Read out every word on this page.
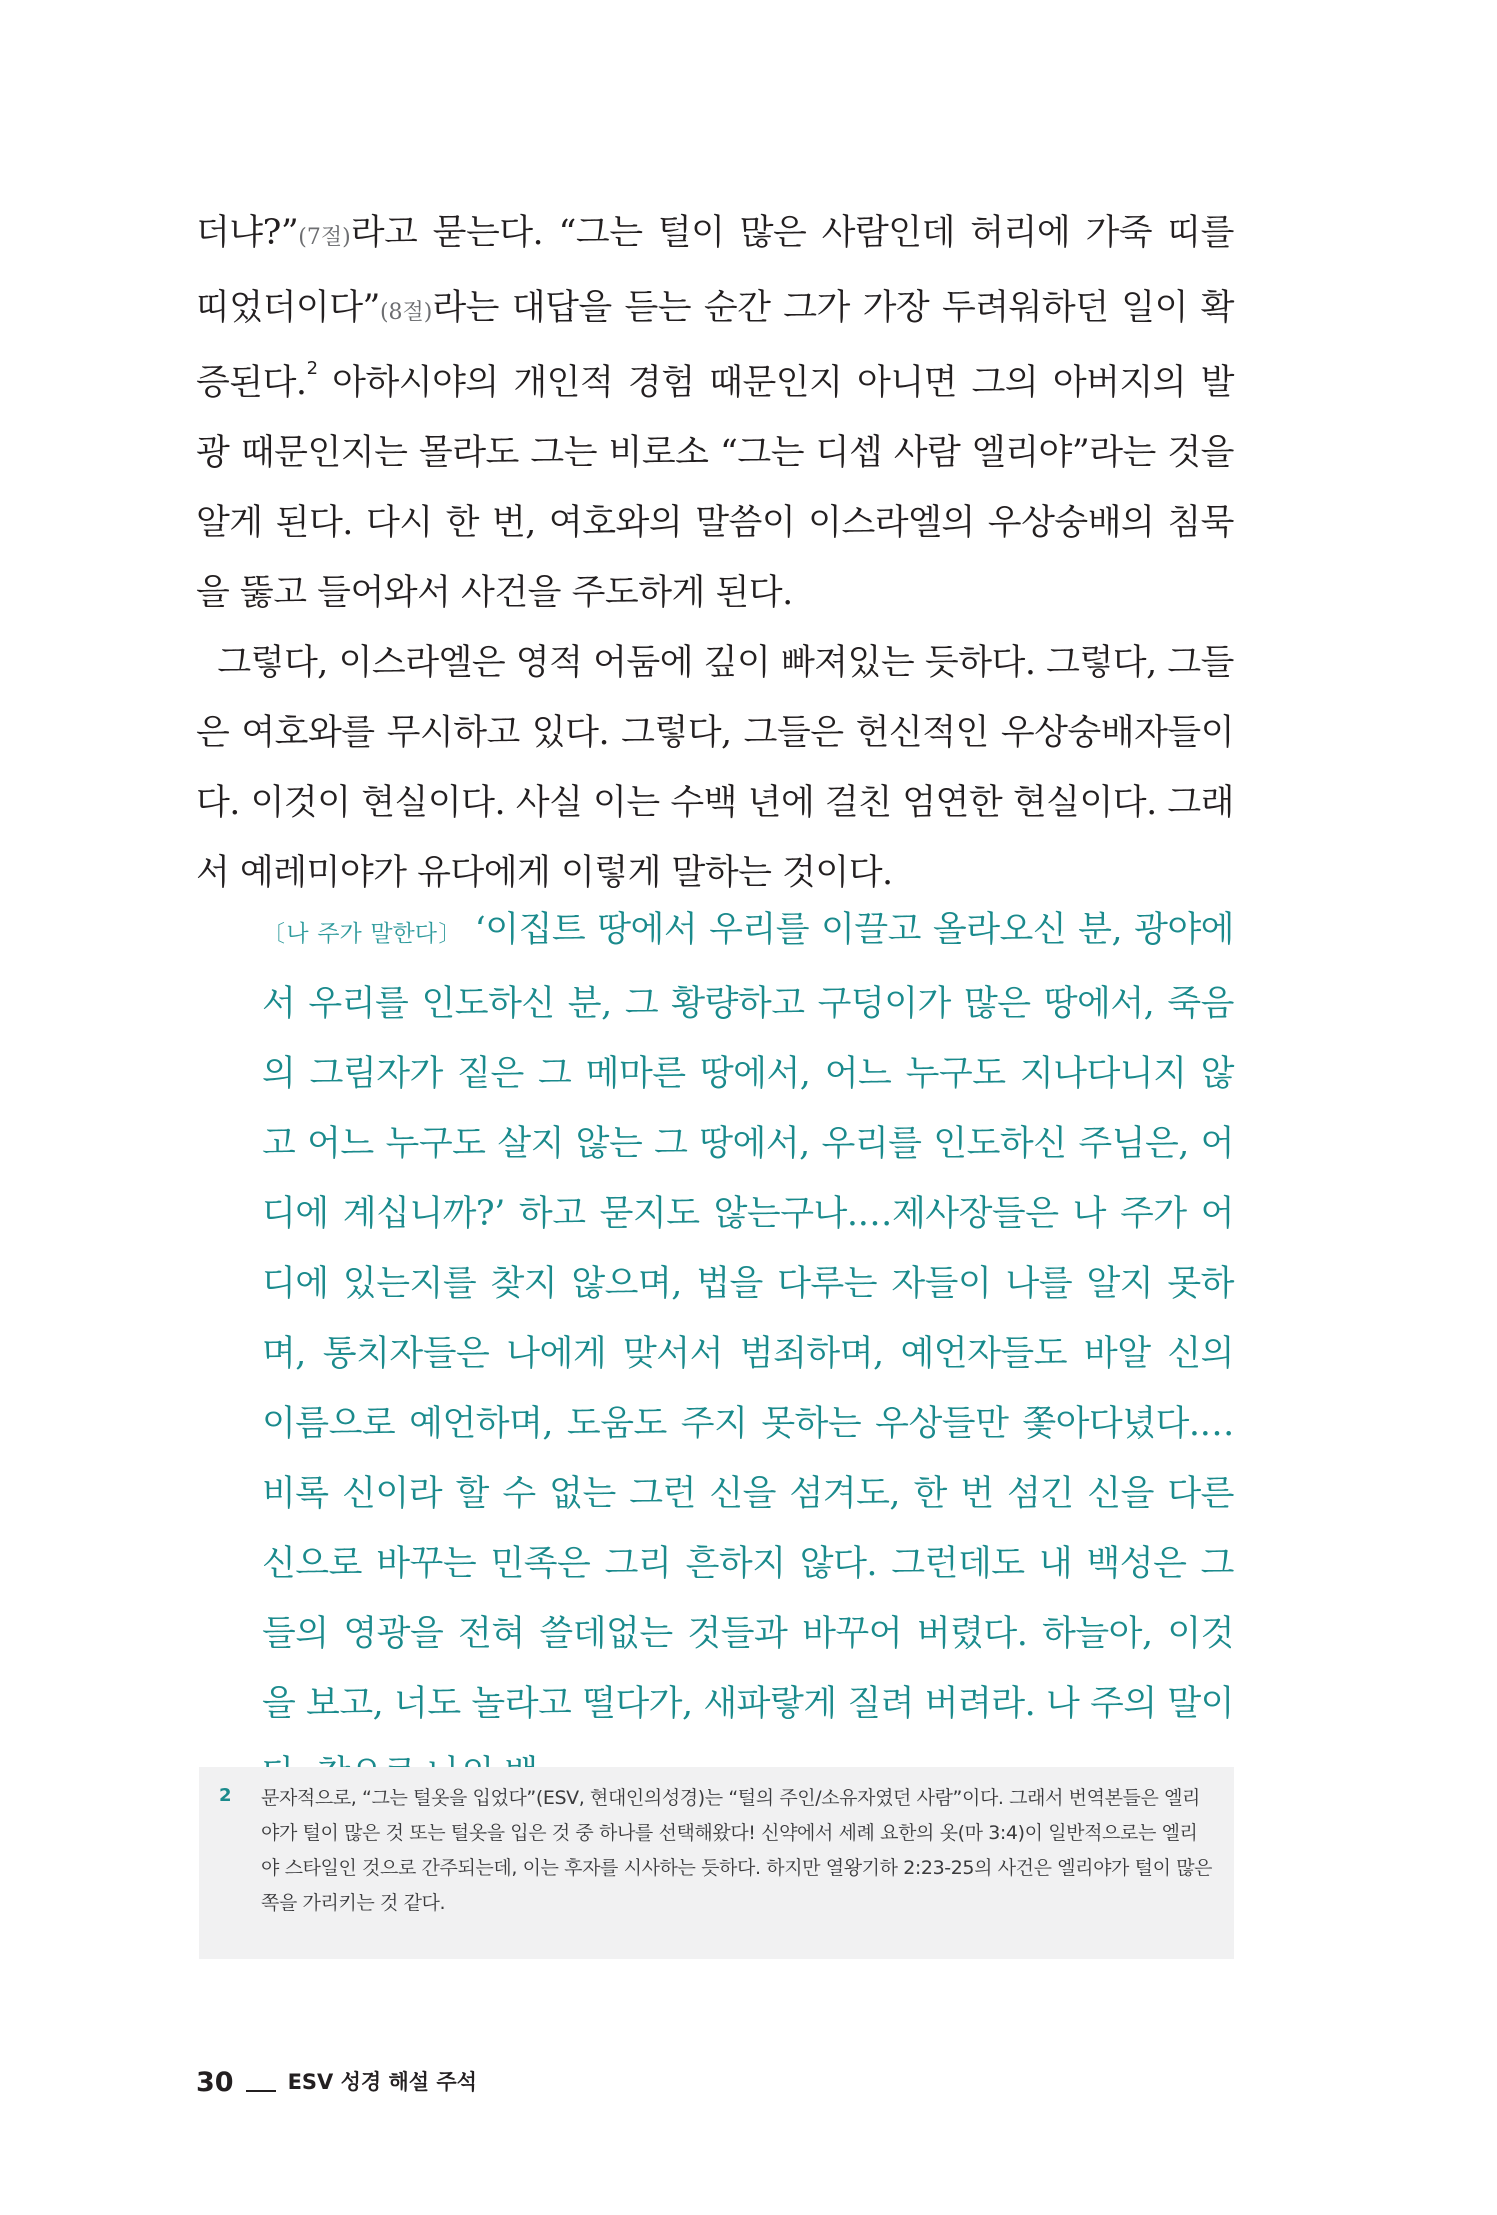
더냐?”(7절)라고 묻는다. “그는 털이 많은 사람인데 허리에 가죽 띠를 띠었더이다”(8절)라는 대답을 듣는 순간 그가 가장 두려워하던 일이 확증된다.$^2$ 아하시야의 개인적 경험 때문인지 아니면 그의 아버지의 발광 때문인지는 몰라도 그는 비로소 “그는 디셉 사람 엘리야”라는 것을 알게 된다. 다시 한 번, 여호와의 말씀이 이스라엘의 우상숭배의 침묵을 뚫고 들어와서 사건을 주도하게 된다.
그렇다, 이스라엘은 영적 어둠에 깊이 빠져있는 듯하다. 그렇다, 그들은 여호와를 무시하고 있다. 그렇다, 그들은 헌신적인 우상숭배자들이다. 이것이 현실이다. 사실 이는 수백 년에 걸친 엄연한 현실이다. 그래서 예레미야가 유다에게 이렇게 말하는 것이다.

〔나 주가 말한다〕 ‘이집트 땅에서 우리를 이끌고 올라오신 분, 광야에서 우리를 인도하신 분, 그 황량하고 구덩이가 많은 땅에서, 죽음의 그림자가 짙은 그 메마른 땅에서, 어느 누구도 지나다니지 않고 어느 누구도 살지 않는 그 땅에서, 우리를 인도하신 주님은, 어디에 계십니까?’ 하고 묻지도 않는구나.…제사장들은 나 주가 어디에 있는지를 찾지 않으며, 법을 다루는 자들이 나를 알지 못하며, 통치자들은 나에게 맞서서 범죄하며, 예언자들도 바알 신의 이름으로 예언하며, 도움도 주지 못하는 우상들만 쫓아다녔다.…비록 신이라 할 수 없는 그런 신을 섬겨도, 한 번 섬긴 신을 다른 신으로 바꾸는 민족은 그리 흔하지 않다. 그런데도 내 백성은 그들의 영광을 전혀 쓸데없는 것들과 바꾸어 버렸다. 하늘아, 이것을 보고, 너도 놀라고 떨다가, 새파랗게 질려 버려라. 나 주의 말이

2 문자적으로, “그는 털옷을 입었다”(ESV, 현대인의성경)는 “털의 주인/소유자였던 사람”이다. 그래서 번역본들은 엘리야가 털이 많은 것 또는 털옷을 입은 것 중 하나를 선택해왔다! 신약에서 세례 요한의 옷(마 3:4)이 일반적으로는 엘리야 스타일인 것으로 간주되는데, 이는 후자를 시사하는 듯하다. 하지만 열왕기하 2:23-25의 사건은 엘리야가 털이 많은 쪽을 가리키는 것 같다.

30	ESV 성경 해설 주석
